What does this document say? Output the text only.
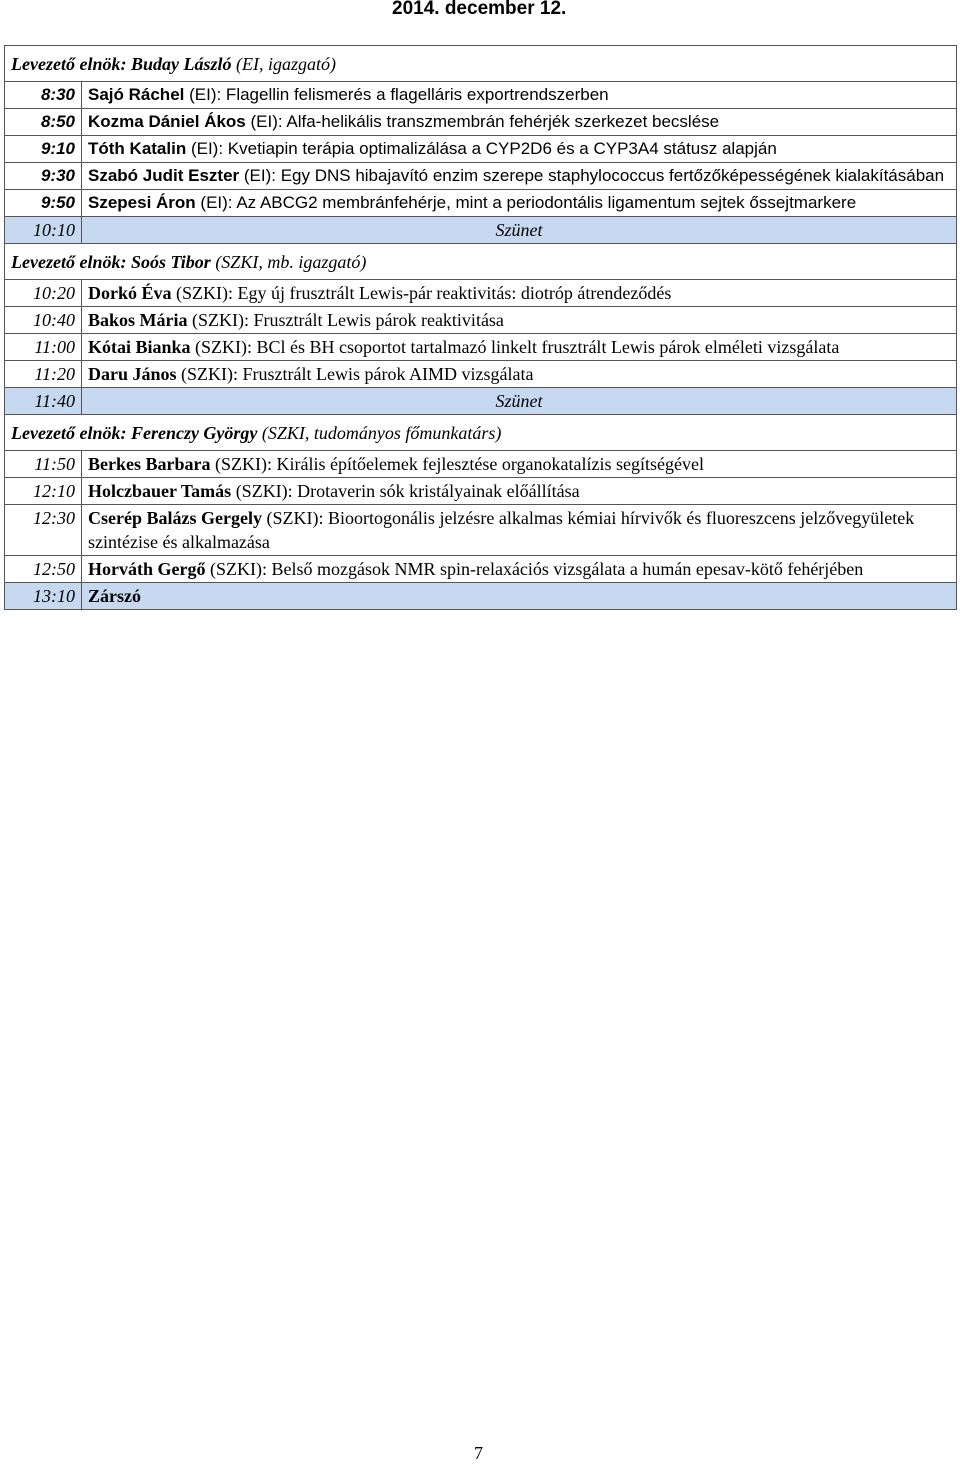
2014. december 12.
Levezető elnök: Buday László (EI, igazgató)	
8:30	Sajó Ráchel (EI): Flagellin felismerés a flagelláris exportrendszerben
8:50	Kozma Dániel Ákos (EI): Alfa-helikális transzmembrán fehérjék szerkezet becslése
9:10	Tóth Katalin (EI): Kvetiapin terápia optimalizálása a CYP2D6 és a CYP3A4 státusz alapján
9:30	Szabó Judit Eszter (EI): Egy DNS hibajavító enzim szerepe staphylococcus fertőzőképességének kialakításában
9:50	Szepesi Áron (EI): Az ABCG2 membránfehérje, mint a periodontális ligamentum sejtek őssejtmarkere
10:10	Szünet
Levezető elnök: Soós Tibor (SZKI, mb. igazgató)	
10:20	Dorkó Éva (SZKI): Egy új frusztrált Lewis-pár reaktivitás: diotróp átrendeződés
10:40	Bakos Mária (SZKI): Frusztrált Lewis párok reaktivitása
11:00	Kótai Bianka (SZKI): BCl és BH csoportot tartalmazó linkelt frusztrált Lewis párok elméleti vizsgálata
11:20	Daru János (SZKI): Frusztrált Lewis párok AIMD vizsgálata
11:40	Szünet
Levezető elnök: Ferenczy György (SZKI, tudományos főmunkatárs)	
11:50	Berkes Barbara (SZKI): Királis építőelemek fejlesztése organokatalízis segítségével
12:10	Holczbauer Tamás (SZKI): Drotaverin sók kristályainak előállítása
12:30	Cserép Balázs Gergely (SZKI): Bioortogonális jelzésre alkalmas kémiai hírvivők és fluoreszcens jelzővegyületek szintézise és alkalmazása
12:50	Horváth Gergő (SZKI): Belső mozgások NMR spin-relaxációs vizsgálata a humán epesav-kötő fehérjében
13:10	Zárszó
7
